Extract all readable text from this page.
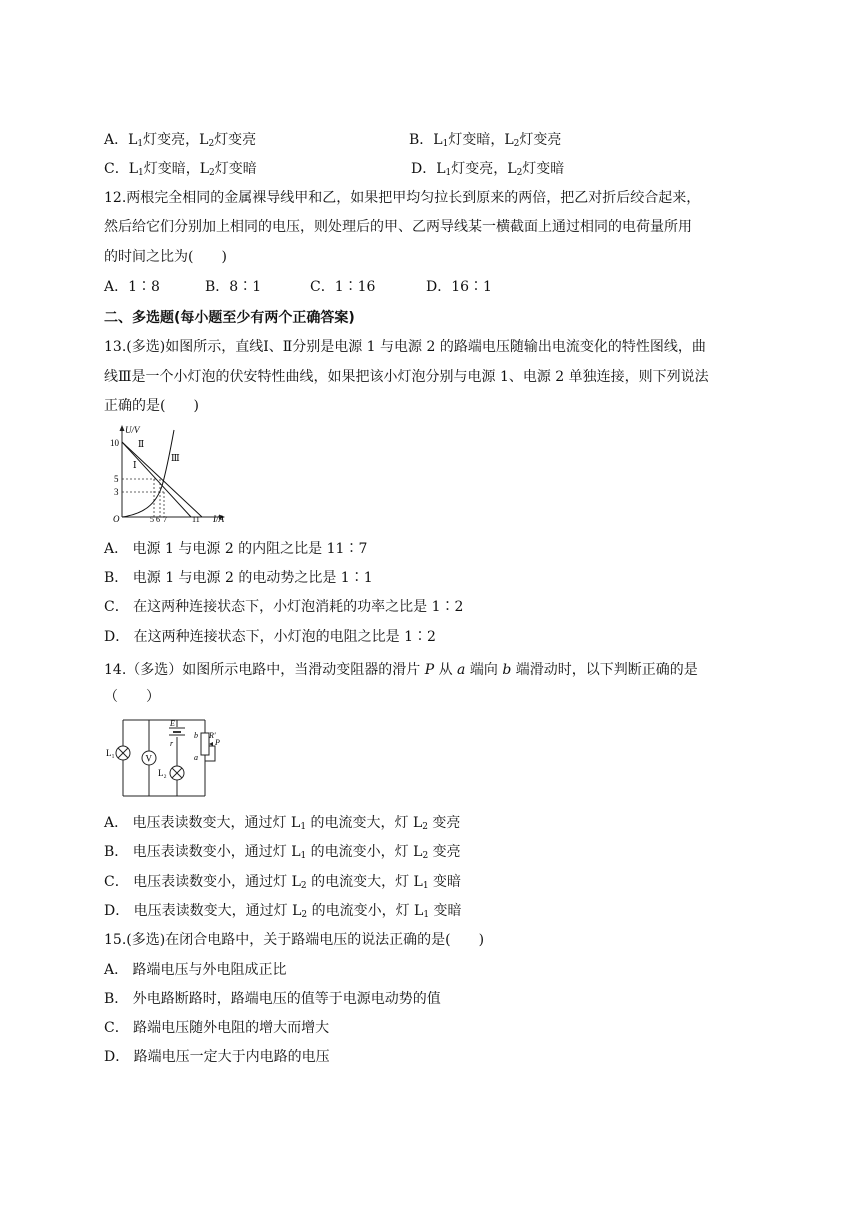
A．$L_1$灯变亮，$L_2$灯变亮	B．$L_1$灯变暗，$L_2$灯变亮
C．$L_1$灯变暗，$L_2$灯变暗	D．$L_1$灯变亮，$L_2$灯变暗
12.两根完全相同的金属裸导线甲和乙，如果把甲均匀拉长到原来的两倍，把乙对折后绞合起来，
然后给它们分别加上相同的电压，则处理后的甲、乙两导线某一横截面上通过相同的电荷量所用
的时间之比为(　　)
A．1∶8	B．8∶1	C．1∶16	D．16∶1
二、多选题(每小题至少有两个正确答案)
13.(多选)如图所示，直线Ⅰ、Ⅱ分别是电源 1 与电源 2 的路端电压随输出电流变化的特性图线，曲
线Ⅲ是一个小灯泡的伏安特性曲线，如果把该小灯泡分别与电源 1、电源 2 单独连接，则下列说法
正确的是(　　)
U/V
I/A
O
10
5
3
5 6 7	11
Ⅰ
Ⅱ
Ⅲ
A． 电源 1 与电源 2 的内阻之比是 11∶7
B． 电源 1 与电源 2 的电动势之比是 1∶1
C． 在这两种连接状态下，小灯泡消耗的功率之比是 1∶2
D． 在这两种连接状态下，小灯泡的电阻之比是 1∶2
14.（多选）如图所示电路中，当滑动变阻器的滑片 P 从 a 端向 b 端滑动时，以下判断正确的是
（　　）
L₁
V
E
r
L₂
b R′
a
P
A． 电压表读数变大，通过灯 $L_1$ 的电流变大，灯 $L_2$ 变亮
B． 电压表读数变小，通过灯 $L_1$ 的电流变小，灯 $L_2$ 变亮
C． 电压表读数变小，通过灯 $L_2$ 的电流变大，灯 $L_1$ 变暗
D． 电压表读数变大，通过灯 $L_2$ 的电流变小，灯 $L_1$ 变暗
15.(多选)在闭合电路中，关于路端电压的说法正确的是(　　)
A． 路端电压与外电阻成正比
B． 外电路断路时，路端电压的值等于电源电动势的值
C． 路端电压随外电阻的增大而增大
D． 路端电压一定大于内电路的电压
